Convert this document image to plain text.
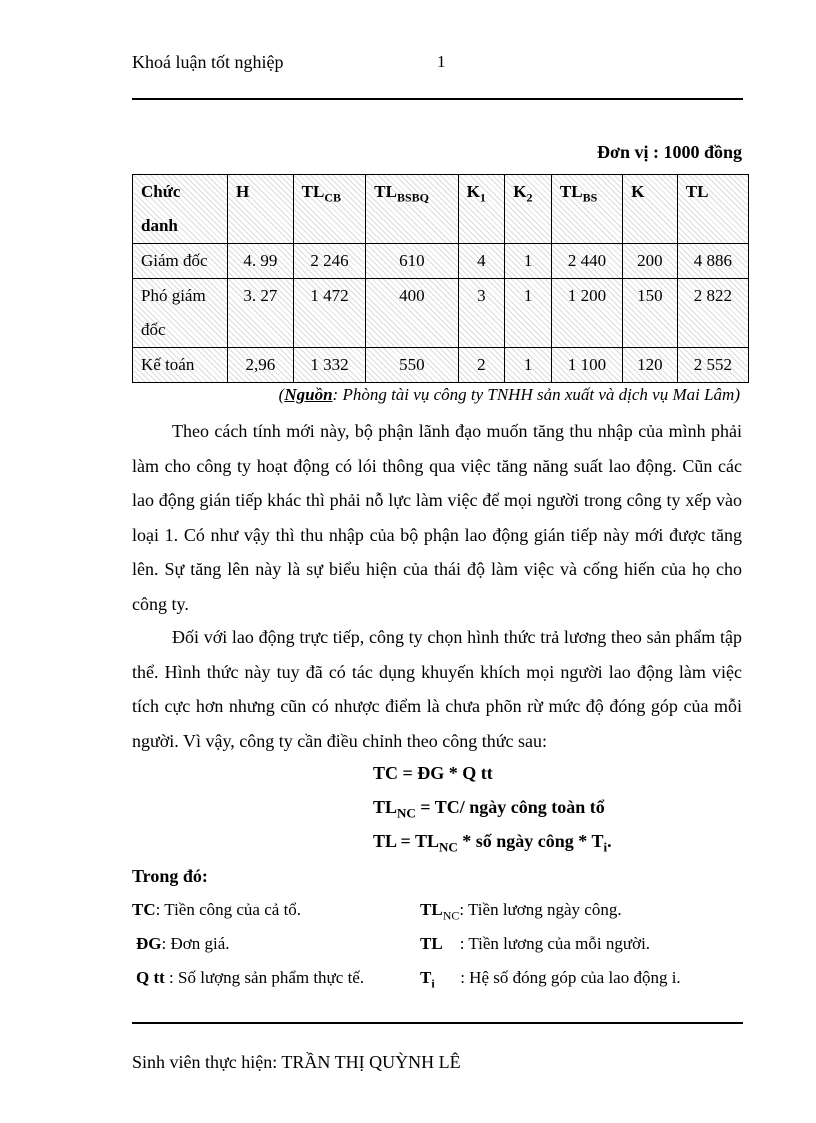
Khoá luận tốt nghiệp	1
Đơn vị : 1000 đồng
Chức danh	H	$TL_{CB}$	$TL_{BSBQ}$	$K_1$	$K_2$	$TL_{BS}$	K	TL
Giám đốc	4. 99	2 246	610	4	1	2 440	200	4 886
Phó giám đốc	3. 27	1 472	400	3	1	1 200	150	2 822
Kế toán	2,96	1 332	550	2	1	1 100	120	2 552
(Nguồn: Phòng tài vụ công ty TNHH sản xuất và dịch vụ Mai Lâm)

Theo cách tính mới này, bộ phận lãnh đạo muốn tăng thu nhập của mình phải làm cho công ty hoạt động có lói thông qua việc tăng năng suất lao động. Cũn các lao động gián tiếp khác thì phải nỗ lực làm việc để mọi người trong công ty xếp vào loại 1. Có như vậy thì thu nhập của bộ phận lao động gián tiếp này mới được tăng lên. Sự tăng lên này là sự biểu hiện của thái độ làm việc và cống hiến của họ cho công ty.

Đối với lao động trực tiếp, công ty chọn hình thức trả lương theo sản phẩm tập thể. Hình thức này tuy đã có tác dụng khuyến khích mọi người lao động làm việc tích cực hơn nhưng cũn có nhược điểm là chưa phõn rừ mức độ đóng góp của mỗi người. Vì vậy, công ty cần điều chỉnh theo công thức sau:

TC = ĐG * Q tt
$TL_{NC} = TC/$ ngày công toàn tổ
TL = $TL_{NC}$ * số ngày công * $T_i$.
Trong đó:
TC: Tiền công của cả tổ.
ĐG: Đơn giá.
Q tt : Số lượng sản phẩm thực tế.
$TL_{NC}$: Tiền lương ngày công.
TL    : Tiền lương của mỗi người.
$T_i$      : Hệ số đóng góp của lao động i.
Sinh viên thực hiện: TRẦN THỊ QUỲNH LÊ
